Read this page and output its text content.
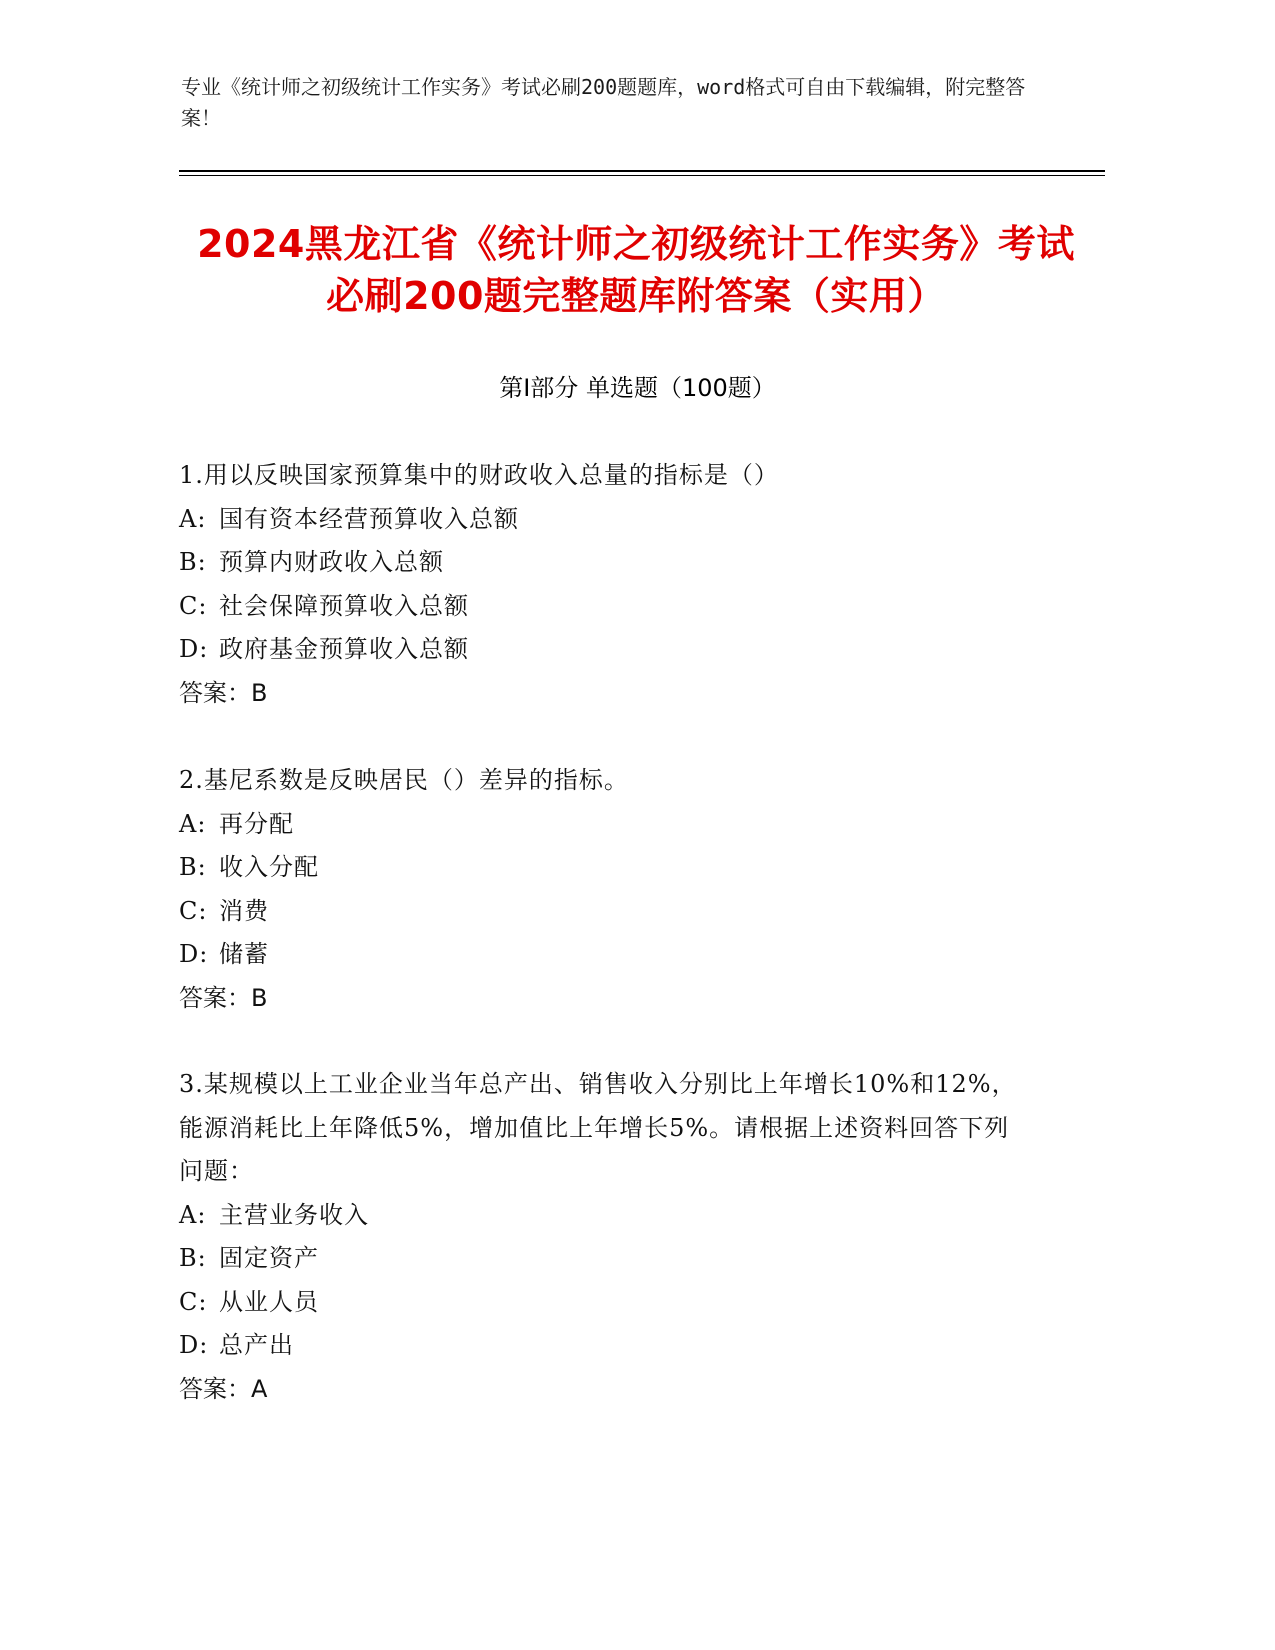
专业《统计师之初级统计工作实务》考试必刷200题题库，word格式可自由下载编辑，附完整答案！
2024黑龙江省《统计师之初级统计工作实务》考试必刷200题完整题库附答案（实用）
第Ⅰ部分 单选题（100题）

1.用以反映国家预算集中的财政收入总量的指标是（）

A: 国有资本经营预算收入总额

B: 预算内财政收入总额

C: 社会保障预算收入总额

D: 政府基金预算收入总额

答案：B

2.基尼系数是反映居民（）差异的指标。

A: 再分配

B: 收入分配

C: 消费

D: 储蓄

答案：B

3.某规模以上工业企业当年总产出、销售收入分别比上年增长10%和12%，能源消耗比上年降低5%，增加值比上年增长5%。请根据上述资料回答下列问题：

A: 主营业务收入

B: 固定资产

C: 从业人员

D: 总产出

答案：A
